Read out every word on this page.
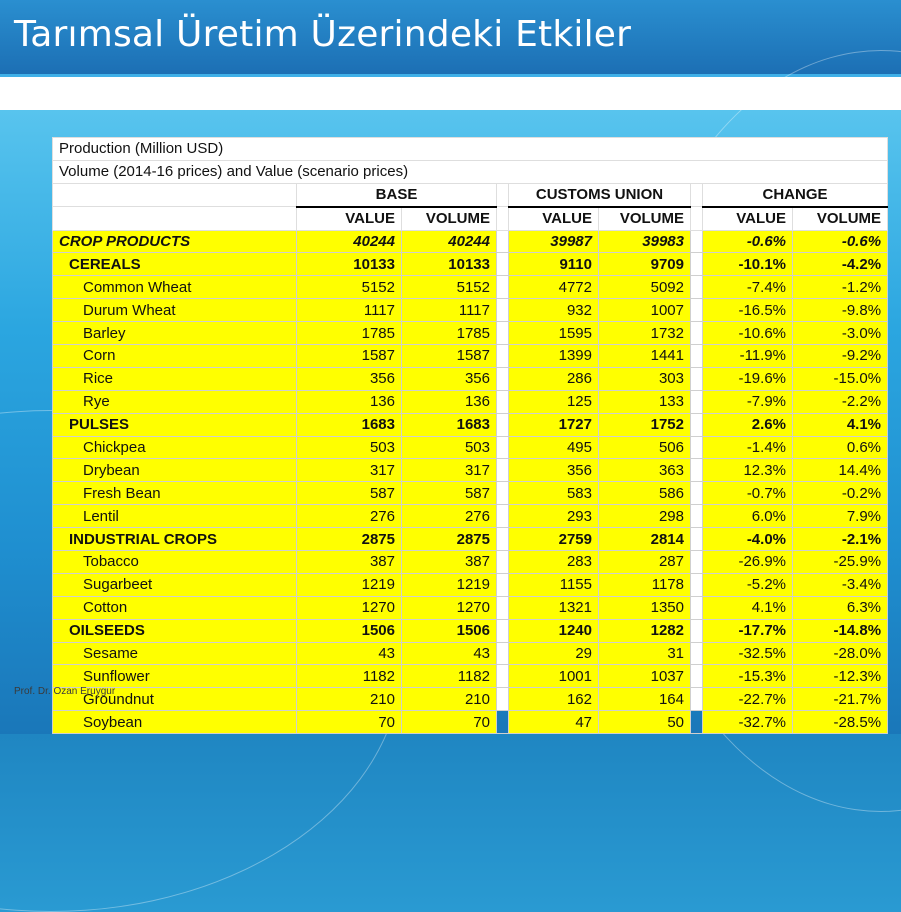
Tarımsal Üretim Üzerindeki Etkiler
Production (Million USD)								
Volume (2014-16 prices) and Value (scenario prices)								
	BASE			CUSTOMS UNION			CHANGE	
	VALUE	VOLUME		VALUE	VOLUME		VALUE	VOLUME
CROP PRODUCTS	40244	40244		39987	39983		-0.6%	-0.6%
CEREALS	10133	10133		9110	9709		-10.1%	-4.2%
Common Wheat	5152	5152		4772	5092		-7.4%	-1.2%
Durum Wheat	1117	1117		932	1007		-16.5%	-9.8%
Barley	1785	1785		1595	1732		-10.6%	-3.0%
Corn	1587	1587		1399	1441		-11.9%	-9.2%
Rice	356	356		286	303		-19.6%	-15.0%
Rye	136	136		125	133		-7.9%	-2.2%
PULSES	1683	1683		1727	1752		2.6%	4.1%
Chickpea	503	503		495	506		-1.4%	0.6%
Drybean	317	317		356	363		12.3%	14.4%
Fresh Bean	587	587		583	586		-0.7%	-0.2%
Lentil	276	276		293	298		6.0%	7.9%
INDUSTRIAL CROPS	2875	2875		2759	2814		-4.0%	-2.1%
Tobacco	387	387		283	287		-26.9%	-25.9%
Sugarbeet	1219	1219		1155	1178		-5.2%	-3.4%
Cotton	1270	1270		1321	1350		4.1%	6.3%
OILSEEDS	1506	1506		1240	1282		-17.7%	-14.8%
Sesame	43	43		29	31		-32.5%	-28.0%
Sunflower	1182	1182		1001	1037		-15.3%	-12.3%
Groundnut	210	210		162	164		-22.7%	-21.7%
Soybean	70	70		47	50		-32.7%	-28.5%
Prof. Dr. Ozan Eruygur
